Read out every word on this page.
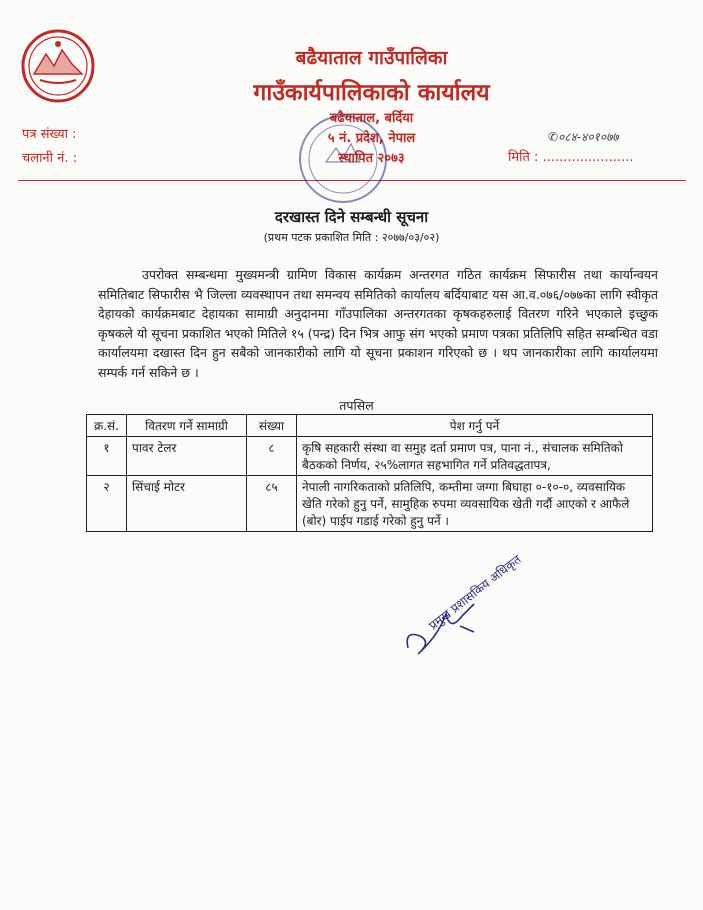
बढैयाताल गाउँपालिका
गाउँकार्यपालिकाको कार्यालय
बढैयाताल, बर्दिया
५ नं. प्रदेश, नेपाल
स्थापित २०७३
✆०८४-४०१०७७
पत्र संख्या :
चलानी नं. :	मिति : ......................
दरखास्त दिने सम्बन्धी सूचना
(प्रथम पटक प्रकाशित मिति : २०७७/०३/०२)
उपरोक्त सम्बन्धमा मुख्यमन्त्री ग्रामिण विकास कार्यक्रम अन्तरगत गठित कार्यक्रम सिफारीस तथा कार्यान्वयन समितिबाट सिफारीस भै जिल्ला व्यवस्थापन तथा समन्वय समितिको कार्यालय बर्दियाबाट यस आ.व.०७६/०७७का लागि स्वीकृत देहायको कार्यक्रमबाट देहायका सामाग्री अनुदानमा गाँउपालिका अन्तरगतका कृषकहरुलाई वितरण गरिने भएकाले इच्छुक कृषकले यो सूचना प्रकाशित भएको मितिले १५ (पन्द्र) दिन भित्र आफु संग भएको प्रमाण पत्रका प्रतिलिपि सहित सम्बन्धित वडा कार्यालयमा दखास्त दिन हुन सबैको जानकारीको लागि यो सूचना प्रकाशन गरिएको छ । थप जानकारीका लागि कार्यालयमा सम्पर्क गर्न सकिने छ ।
तपसिल
क्र.सं.	वितरण गर्ने सामाग्री	संख्या	पेश गर्नु पर्ने
१	पावर टेलर	८	कृषि सहकारी संस्था वा समुह दर्ता प्रमाण पत्र, पाना नं., संचालक समितिको बैठकको निर्णय, २५%लागत सहभागित गर्ने प्रतिवद्धतापत्र,
२	सिंचाई मोटर	८५	नेपाली नागरिकताको प्रतिलिपि, कम्तीमा जग्गा बिघाहा ०-१०-०, व्यवसायिक खेति गरेको हुनु पर्ने, सामुहिक रुपमा व्यवसायिक खेती गर्दौ आएको र आफैले (बोर) पाईप गडाई गरेको हुनु पर्ने ।
प्रमुख प्रशासकिय अधिकृत
